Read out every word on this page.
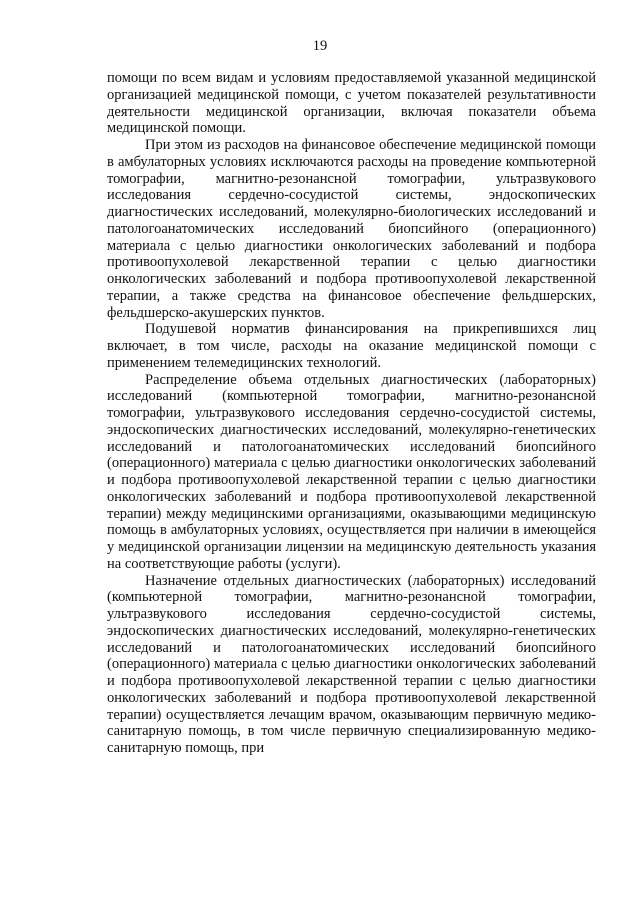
19

помощи по всем видам и условиям предоставляемой указанной медицинской организацией медицинской помощи, с учетом показателей результативности деятельности медицинской организации, включая показатели объема медицинской помощи.

При этом из расходов на финансовое обеспечение медицинской помощи в амбулаторных условиях исключаются расходы на проведение компьютерной томографии, магнитно-резонансной томографии, ультразвукового исследования сердечно-сосудистой системы, эндоскопических диагностических исследований, молекулярно-биологических исследований и патологоанатомических исследований биопсийного (операционного) материала с целью диагностики онкологических заболеваний и подбора противоопухолевой лекарственной терапии с целью диагностики онкологических заболеваний и подбора противоопухолевой лекарственной терапии, а также средства на финансовое обеспечение фельдшерских, фельдшерско-акушерских пунктов.

Подушевой норматив финансирования на прикрепившихся лиц включает, в том числе, расходы на оказание медицинской помощи с применением телемедицинских технологий.

Распределение объема отдельных диагностических (лабораторных) исследований (компьютерной томографии, магнитно-резонансной томографии, ультразвукового исследования сердечно-сосудистой системы, эндоскопических диагностических исследований, молекулярно-генетических исследований и патологоанатомических исследований биопсийного (операционного) материала с целью диагностики онкологических заболеваний и подбора противоопухолевой лекарственной терапии с целью диагностики онкологических заболеваний и подбора противоопухолевой лекарственной терапии) между медицинскими организациями, оказывающими медицинскую помощь в амбулаторных условиях, осуществляется при наличии в имеющейся у медицинской организации лицензии на медицинскую деятельность указания на соответствующие работы (услуги).

Назначение отдельных диагностических (лабораторных) исследований (компьютерной томографии, магнитно-резонансной томографии, ультразвукового исследования сердечно-сосудистой системы, эндоскопических диагностических исследований, молекулярно-генетических исследований и патологоанатомических исследований биопсийного (операционного) материала с целью диагностики онкологических заболеваний и подбора противоопухолевой лекарственной терапии с целью диагностики онкологических заболеваний и подбора противоопухолевой лекарственной терапии) осуществляется лечащим врачом, оказывающим первичную медико-санитарную помощь, в том числе первичную специализированную медико-санитарную помощь, при
